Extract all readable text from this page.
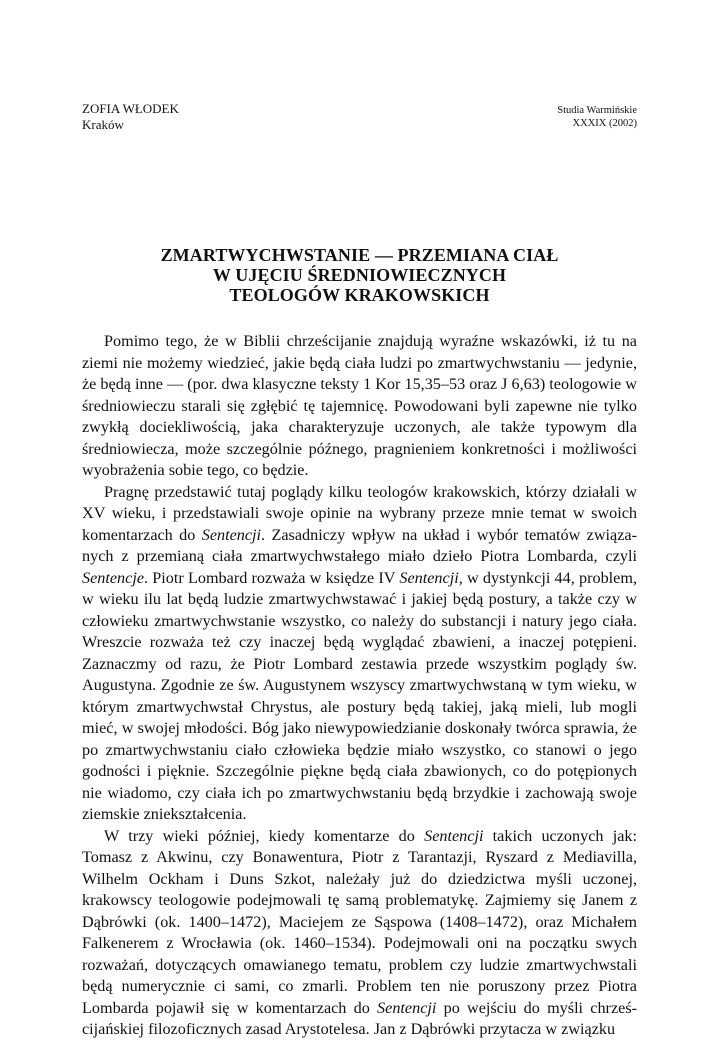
ZOFIA WŁODEK
Kraków
Studia Warmińskie
XXXIX (2002)
ZMARTWYCHWSTANIE — PRZEMIANA CIAŁ
W UJĘCIU ŚREDNIOWIECZNYCH
TEOLOGÓW KRAKOWSKICH

Pomimo tego, że w Biblii chrześcijanie znajdują wyraźne wskazówki, iż tu na ziemi nie możemy wiedzieć, jakie będą ciała ludzi po zmartwychwstaniu — jedynie, że będą inne — (por. dwa klasyczne teksty 1 Kor 15,35–53 oraz J 6,63) teologowie w średniowieczu starali się zgłębić tę tajemnicę. Powodowani byli zapewne nie tylko zwykłą dociekliwością, jaka charakteryzuje uczonych, ale także typowym dla średniowiecza, może szczególnie późnego, pragnieniem konkretności i możliwości wyobrażenia sobie tego, co będzie.

Pragnę przedstawić tutaj poglądy kilku teologów krakowskich, którzy działali w XV wieku, i przedstawiali swoje opinie na wybrany przeze mnie temat w swoich komentarzach do Sentencji. Zasadniczy wpływ na układ i wybór tematów związanych z przemianą ciała zmartwychwstałego miało dzieło Piotra Lombarda, czyli Sentencje. Piotr Lombard rozważa w księdze IV Sentencji, w dystynkcji 44, problem, w wieku ilu lat będą ludzie zmartwychwstawać i jakiej będą postury, a także czy w człowieku zmartwychwstanie wszystko, co należy do substancji i natury jego ciała. Wreszcie rozważa też czy inaczej będą wyglądać zbawieni, a inaczej potępieni. Zaznaczmy od razu, że Piotr Lombard zestawia przede wszystkim poglądy św. Augustyna. Zgodnie ze św. Augustynem wszyscy zmartwychwstaną w tym wieku, w którym zmartwychwstał Chrystus, ale postury będą takiej, jaką mieli, lub mogli mieć, w swojej młodości. Bóg jako niewypowiedzianie doskonały twórca sprawia, że po zmartwychwstaniu ciało człowieka będzie miało wszystko, co stanowi o jego godności i pięknie. Szczególnie piękne będą ciała zbawionych, co do potępionych nie wiadomo, czy ciała ich po zmartwychwstaniu będą brzydkie i zachowają swoje ziemskie zniekształcenia.

W trzy wieki później, kiedy komentarze do Sentencji takich uczonych jak: Tomasz z Akwinu, czy Bonawentura, Piotr z Tarantazji, Ryszard z Mediavilla, Wilhelm Ockham i Duns Szkot, należały już do dziedzictwa myśli uczonej, krakowscy teologowie podejmowali tę samą problematykę. Zajmiemy się Janem z Dąbrówki (ok. 1400–1472), Maciejem ze Sąspowa (1408–1472), oraz Michałem Falkenerem z Wrocławia (ok. 1460–1534). Podejmowali oni na początku swych rozważań, dotyczących omawianego tematu, problem czy ludzie zmartwychwstali będą numerycznie ci sami, co zmarli. Problem ten nie poruszony przez Piotra Lombarda pojawił się w komentarzach do Sentencji po wejściu do myśli chrześcijańskiej filozoficznych zasad Arystotelesa. Jan z Dąbrówki przytacza w związku
